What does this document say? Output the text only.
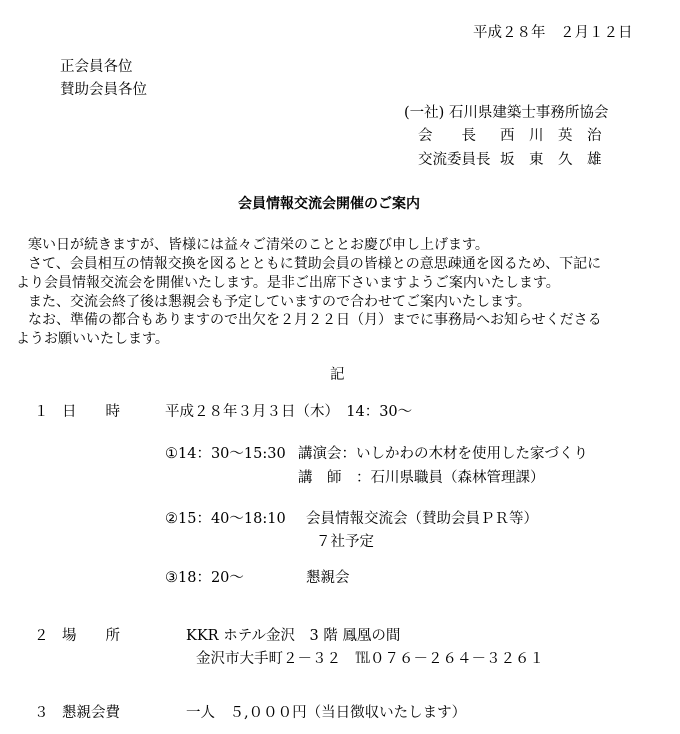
平成２８年　２月１２日
正会員各位
賛助会員各位
(一社) 石川県建築士事務所協会
会　　長 西　川　英　治
交流委員長 坂　東　久　雄
会員情報交流会開催のご案内
寒い日が続きますが、皆様には益々ご清栄のこととお慶び申し上げます。
さて、会員相互の情報交換を図るとともに賛助会員の皆様との意思疎通を図るため、下記に
より会員情報交流会を開催いたします。是非ご出席下さいますようご案内いたします。
また、交流会終了後は懇親会も予定していますので合わせてご案内いたします。
なお、準備の都合もありますので出欠を２月２２日（月）までに事務局へお知らせくださる
ようお願いいたします。
記
１ 日　　時	平成２８年３月３日（木）　14：30～
①14：30～15:30 講演会：いしかわの木材を使用した家づくり
講　師　：石川県職員（森林管理課）
②15：40～18:10 会員情報交流会（賛助会員ＰＲ等）
７社予定
③18：20～	懇親会
２ 場　　所	KKR ホテル金沢　3 階 鳳凰の間
金沢市大手町２－３２　℡０７６－２６４－３２６１
３ 懇親会費	一人　５,０００円（当日徴収いたします）
